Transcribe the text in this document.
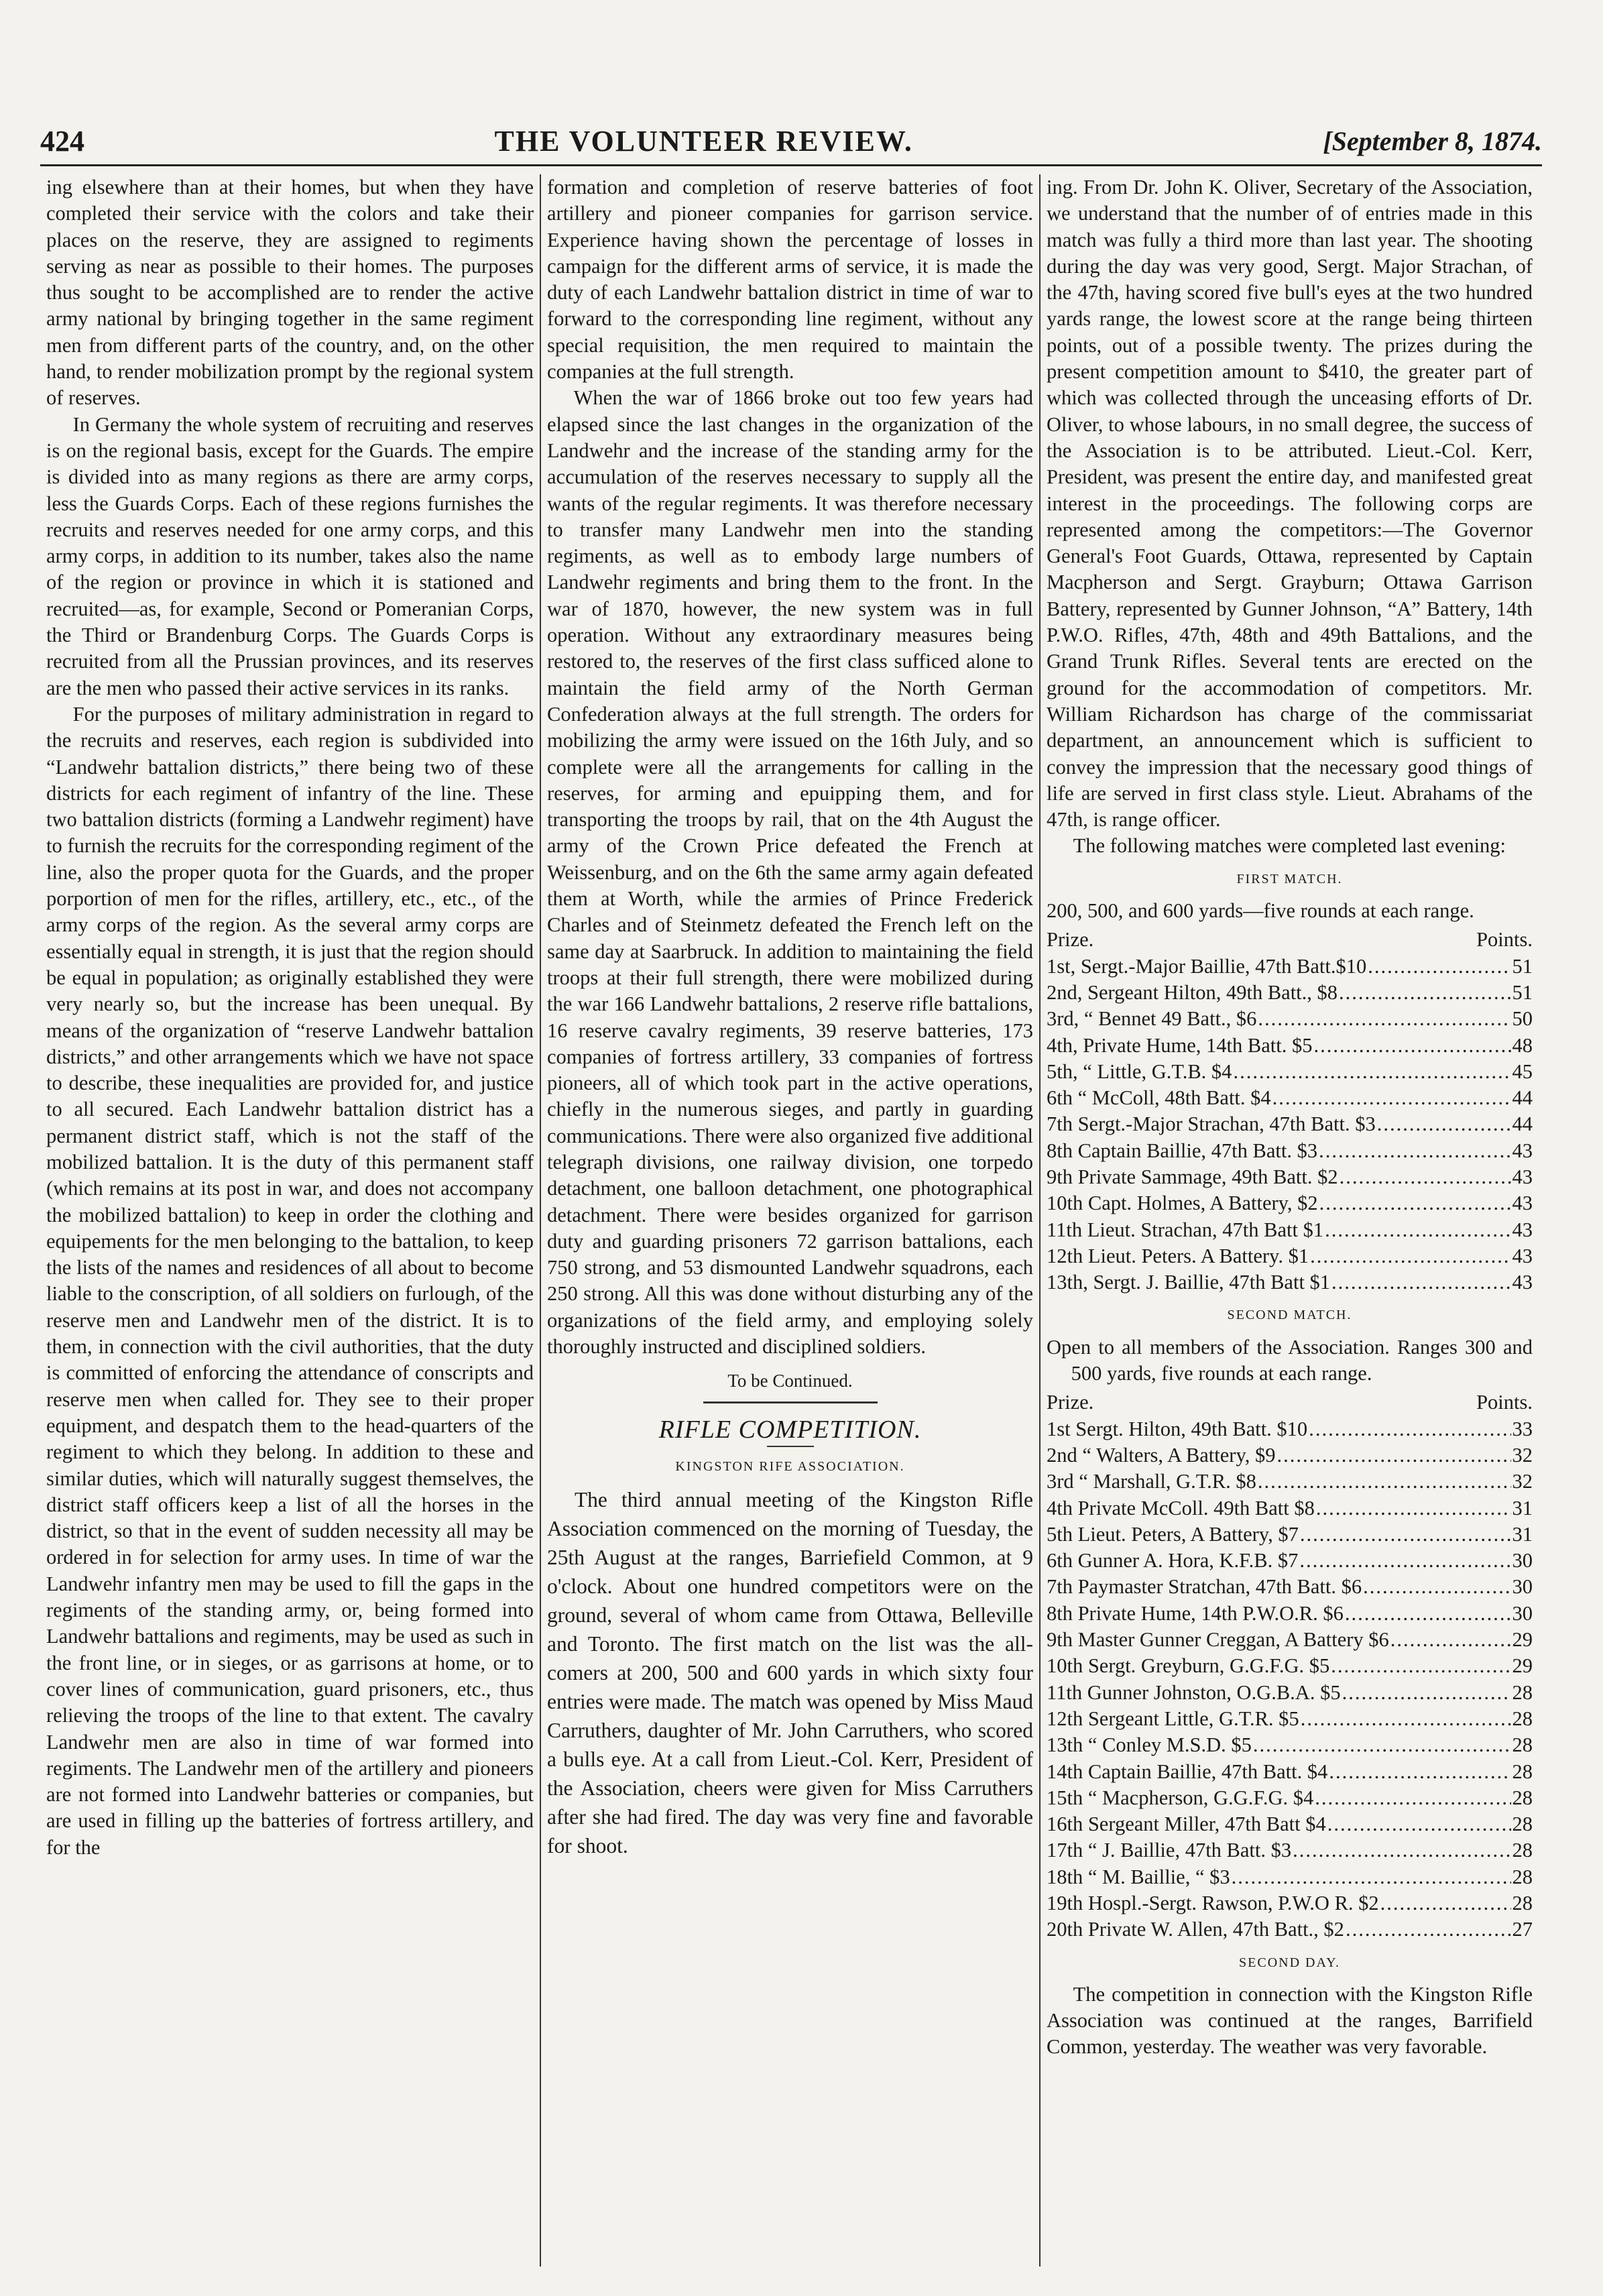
424	THE VOLUNTEER REVIEW.	[September 8, 1874.

ing elsewhere than at their homes, but when they have completed their service with the colors and take their places on the reserve, they are assigned to regiments serving as near as possible to their homes. The purposes thus sought to be accomplished are to render the active army national by bringing together in the same regiment men from different parts of the country, and, on the other hand, to render mobilization prompt by the regional system of reserves.

In Germany the whole system of recruiting and reserves is on the regional basis, except for the Guards. The empire is divided into as many regions as there are army corps, less the Guards Corps. Each of these regions furnishes the recruits and reserves needed for one army corps, and this army corps, in addition to its number, takes also the name of the region or province in which it is stationed and recruited—as, for example, Second or Pomeranian Corps, the Third or Brandenburg Corps. The Guards Corps is recruited from all the Prussian provinces, and its reserves are the men who passed their active services in its ranks.

For the purposes of military administration in regard to the recruits and reserves, each region is subdivided into “Landwehr battalion districts,” there being two of these districts for each regiment of infantry of the line. These two battalion districts (forming a Landwehr regiment) have to furnish the recruits for the corresponding regiment of the line, also the proper quota for the Guards, and the proper porportion of men for the rifles, artillery, etc., etc., of the army corps of the region. As the several army corps are essentially equal in strength, it is just that the region should be equal in population; as originally established they were very nearly so, but the increase has been unequal. By means of the organization of “reserve Landwehr battalion districts,” and other arrangements which we have not space to describe, these inequalities are provided for, and justice to all secured. Each Landwehr battalion district has a permanent district staff, which is not the staff of the mobilized battalion. It is the duty of this permanent staff (which remains at its post in war, and does not accompany the mobilized battalion) to keep in order the clothing and equipements for the men belonging to the battalion, to keep the lists of the names and residences of all about to become liable to the conscription, of all soldiers on furlough, of the reserve men and Landwehr men of the district. It is to them, in connection with the civil authorities, that the duty is committed of enforcing the attendance of conscripts and reserve men when called for. They see to their proper equipment, and despatch them to the head-quarters of the regiment to which they belong. In addition to these and similar duties, which will naturally suggest themselves, the district staff officers keep a list of all the horses in the district, so that in the event of sudden necessity all may be ordered in for selection for army uses. In time of war the Landwehr infantry men may be used to fill the gaps in the regiments of the standing army, or, being formed into Landwehr battalions and regiments, may be used as such in the front line, or in sieges, or as garrisons at home, or to cover lines of communication, guard prisoners, etc., thus relieving the troops of the line to that extent. The cavalry Landwehr men are also in time of war formed into regiments. The Landwehr men of the artillery and pioneers are not formed into Landwehr batteries or companies, but are used in filling up the batteries of fortress artillery, and for the

formation and completion of reserve batteries of foot artillery and pioneer companies for garrison service. Experience having shown the percentage of losses in campaign for the different arms of service, it is made the duty of each Landwehr battalion district in time of war to forward to the corresponding line regiment, without any special requisition, the men required to maintain the companies at the full strength.

When the war of 1866 broke out too few years had elapsed since the last changes in the organization of the Landwehr and the increase of the standing army for the accumulation of the reserves necessary to supply all the wants of the regular regiments. It was therefore necessary to transfer many Landwehr men into the standing regiments, as well as to embody large numbers of Landwehr regiments and bring them to the front. In the war of 1870, however, the new system was in full operation. Without any extraordinary measures being restored to, the reserves of the first class sufficed alone to maintain the field army of the North German Confederation always at the full strength. The orders for mobilizing the army were issued on the 16th July, and so complete were all the arrangements for calling in the reserves, for arming and epuipping them, and for transporting the troops by rail, that on the 4th August the army of the Crown Price defeated the French at Weissenburg, and on the 6th the same army again defeated them at Worth, while the armies of Prince Frederick Charles and of Steinmetz defeated the French left on the same day at Saarbruck. In addition to maintaining the field troops at their full strength, there were mobilized during the war 166 Landwehr battalions, 2 reserve rifle battalions, 16 reserve cavalry regiments, 39 reserve batteries, 173 companies of fortress artillery, 33 companies of fortress pioneers, all of which took part in the active operations, chiefly in the numerous sieges, and partly in guarding communications. There were also organized five additional telegraph divisions, one railway division, one torpedo detachment, one balloon detachment, one photographical detachment. There were besides organized for garrison duty and guarding prisoners 72 garrison battalions, each 750 strong, and 53 dismounted Landwehr squadrons, each 250 strong. All this was done without disturbing any of the organizations of the field army, and employing solely thoroughly instructed and disciplined soldiers.

To be Continued.
RIFLE COMPETITION.
KINGSTON RIFE ASSOCIATION.

The third annual meeting of the Kingston Rifle Association commenced on the morning of Tuesday, the 25th August at the ranges, Barriefield Common, at 9 o'clock. About one hundred competitors were on the ground, several of whom came from Ottawa, Belleville and Toronto. The first match on the list was the all-comers at 200, 500 and 600 yards in which sixty four entries were made. The match was opened by Miss Maud Carruthers, daughter of Mr. John Carruthers, who scored a bulls eye. At a call from Lieut.-Col. Kerr, President of the Association, cheers were given for Miss Carruthers after she had fired. The day was very fine and favorable for shoot.

ing. From Dr. John K. Oliver, Secretary of the Association, we understand that the number of of entries made in this match was fully a third more than last year. The shooting during the day was very good, Sergt. Major Strachan, of the 47th, having scored five bull's eyes at the two hundred yards range, the lowest score at the range being thirteen points, out of a possible twenty. The prizes during the present competition amount to $410, the greater part of which was collected through the unceasing efforts of Dr. Oliver, to whose labours, in no small degree, the success of the Association is to be attributed. Lieut.-Col. Kerr, President, was present the entire day, and manifested great interest in the proceedings. The following corps are represented among the competitors:—The Governor General's Foot Guards, Ottawa, represented by Captain Macpherson and Sergt. Grayburn; Ottawa Garrison Battery, represented by Gunner Johnson, “A” Battery, 14th P.W.O. Rifles, 47th, 48th and 49th Battalions, and the Grand Trunk Rifles. Several tents are erected on the ground for the accommodation of competitors. Mr. William Richardson has charge of the commissariat department, an announcement which is sufficient to convey the impression that the necessary good things of life are served in first class style. Lieut. Abrahams of the 47th, is range officer.

The following matches were completed last evening:

FIRST MATCH.

200, 500, and 600 yards—five rounds at each range.

Prize.	Points.
1st, Sergt.-Major Baillie, 47th Batt.$10 .....	51
2nd, Sergeant Hilton, 49th Batt., $8 .....	51
3rd, “ Bennet 49 Batt., $6 .....	50
4th, Private Hume, 14th Batt. $5 .....	48
5th, “ Little, G.T.B. $4 .....	45
6th “ McColl, 48th Batt. $4 .....	44
7th Sergt.-Major Strachan, 47th Batt. $3 .....	44
8th Captain Baillie, 47th Batt. $3 .....	43
9th Private Sammage, 49th Batt. $2 .....	43
10th Capt. Holmes, A Battery, $2 .....	43
11th Lieut. Strachan, 47th Batt $1 .....	43
12th Lieut. Peters. A Battery. $1 .....	43
13th, Sergt. J. Baillie, 47th Batt $1 .....	43
SECOND MATCH.

Open to all members of the Association. Ranges 300 and 500 yards, five rounds at each range.

Prize.	Points.
1st Sergt. Hilton, 49th Batt. $10 .....	33
2nd “ Walters, A Battery, $9 .....	32
3rd “ Marshall, G.T.R. $8 .....	32
4th Private McColl. 49th Batt $8 .....	31
5th Lieut. Peters, A Battery, $7 .....	31
6th Gunner A. Hora, K.F.B. $7 .....	30
7th Paymaster Stratchan, 47th Batt. $6 .....	30
8th Private Hume, 14th P.W.O.R. $6 .....	30
9th Master Gunner Creggan, A Battery $6 .....	29
10th Sergt. Greyburn, G.G.F.G. $5 .....	29
11th Gunner Johnston, O.G.B.A. $5 .....	28
12th Sergeant Little, G.T.R. $5 .....	28
13th “ Conley M.S.D. $5 .....	28
14th Captain Baillie, 47th Batt. $4 .....	28
15th “ Macpherson, G.G.F.G. $4 .....	28
16th Sergeant Miller, 47th Batt $4 .....	28
17th “ J. Baillie, 47th Batt. $3 .....	28
18th “ M. Baillie, “ $3 .....	28
19th Hospl.-Sergt. Rawson, P.W.O R. $2 .....	28
20th Private W. Allen, 47th Batt., $2 .....	27
SECOND DAY.

The competition in connection with the Kingston Rifle Association was continued at the ranges, Barrifield Common, yesterday. The weather was very favorable.
